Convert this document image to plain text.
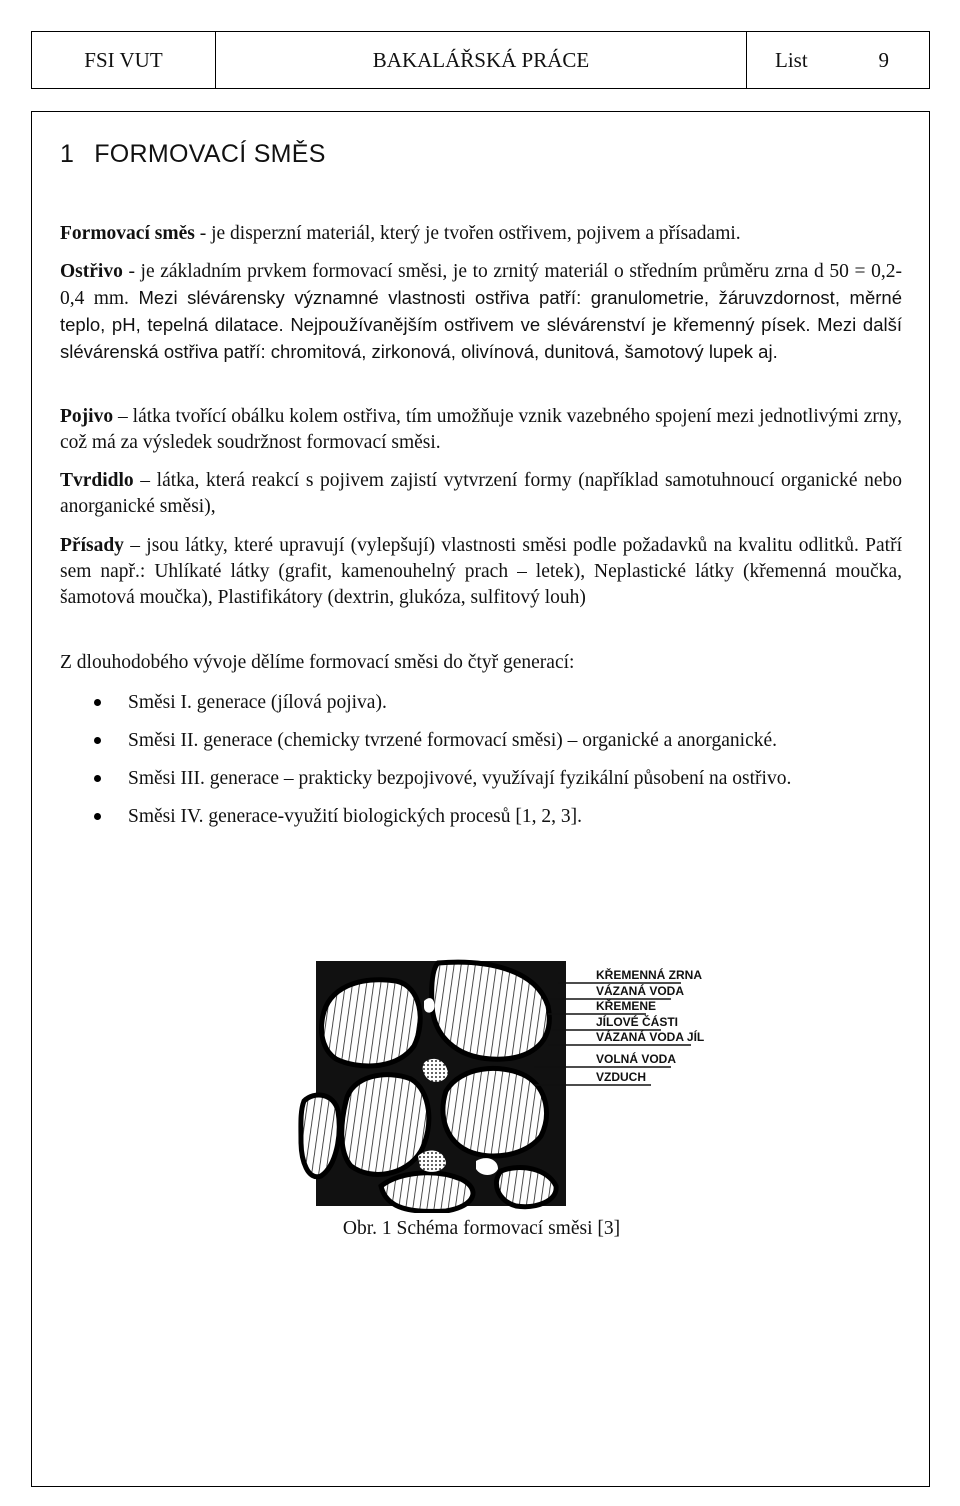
FSI VUT	BAKALÁŘSKÁ PRÁCE	List	9
1 FORMOVACÍ SMĚS

Formovací směs - je disperzní materiál, který je tvořen ostřivem, pojivem a přísadami.

Ostřivo - je základním prvkem formovací směsi, je to zrnitý materiál o středním průměru zrna d 50 = 0,2-0,4 mm. Mezi slévárensky významné vlastnosti ostřiva patří: granulometrie, žáruvzdornost, měrné teplo, pH, tepelná dilatace. Nejpoužívanějším ostřivem ve slévárenství je křemenný písek. Mezi další slévárenská ostřiva patří: chromitová, zirkonová, olivínová, dunitová, šamotový lupek aj.

Pojivo – látka tvořící obálku kolem ostřiva, tím umožňuje vznik vazebného spojení mezi jednotlivými zrny, což má za výsledek soudržnost formovací směsi.

Tvrdidlo – látka, která reakcí s pojivem zajistí vytvrzení formy (například samotuhnoucí organické nebo anorganické směsi),

Přísady – jsou látky, které upravují (vylepšují) vlastnosti směsi podle požadavků na kvalitu odlitků. Patří sem např.: Uhlíkaté látky (grafit, kamenouhelný prach – letek), Neplastické látky (křemenná moučka, šamotová moučka), Plastifikátory (dextrin, glukóza, sulfitový louh)

Z dlouhodobého vývoje dělíme formovací směsi do čtyř generací:

Směsi I. generace (jílová pojiva).
Směsi II. generace (chemicky tvrzené formovací směsi) – organické a anorganické.
Směsi III. generace – prakticky bezpojivové, využívají fyzikální působení na ostřivo.
Směsi IV. generace-využití biologických procesů [1, 2, 3].
KŘEMENNÁ ZRNA
VÁZANÁ VODA
KŘEMENE
JÍLOVÉ ČÁSTI
VÁZANÁ VODA JÍL
VOLNÁ VODA
VZDUCH
Obr. 1 Schéma formovací směsi [3]
